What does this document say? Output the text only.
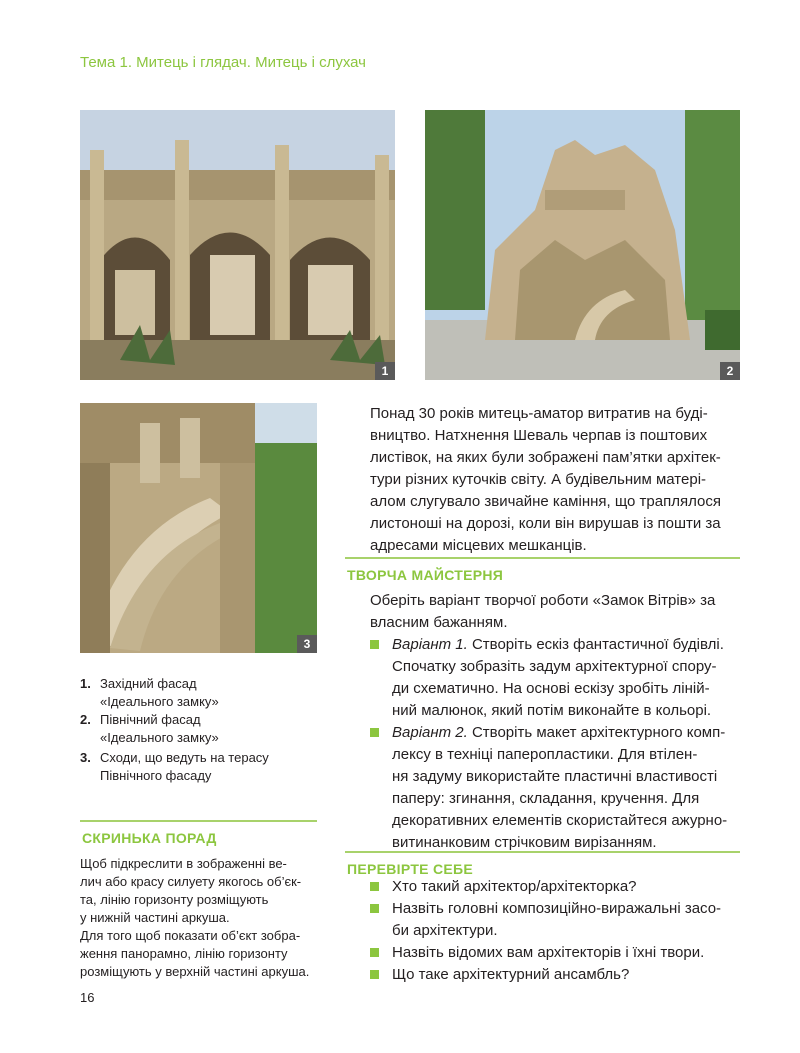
Тема 1. Митець і глядач. Митець і слухач
1	2
3
Понад 30 років митець-аматор витратив на буді-
вництво. Натхнення Шеваль черпав із поштових
листівок, на яких були зображені пам’ятки архітек-
тури різних куточків світу. А будівельним матері-
алом слугувало звичайне каміння, що траплялося
листоноші на дорозі, коли він вирушав із пошти за
адресами місцевих мешканців.
ТВОРЧА МАЙСТЕРНЯ
Оберіть варіант творчої роботи «Замок Вітрів» за
власним бажанням.
Варіант 1. Створіть ескіз фантастичної будівлі.
Спочатку зобразіть задум архітектурної спору-
ди схематично. На основі ескізу зробіть ліній-
ний малюнок, який потім виконайте в кольорі.
Варіант 2. Створіть макет архітектурного комп-
лексу в техніці паперопластики. Для втілен-
ня задуму використайте пластичні властивості
паперу: згинання, складання, кручення. Для
декоративних елементів скористайтеся ажурно-
витинанковим стрічковим вирізанням.
ПЕРЕВІРТЕ СЕБЕ
Хто такий архітектор/архітекторка?
Назвіть головні композиційно-виражальні засо-
би архітектури.
Назвіть відомих вам архітекторів і їхні твори.
Що таке архітектурний ансамбль?
1. Західний фасад
«Ідеального замку»
2. Північний фасад
«Ідеального замку»
3. Сходи, що ведуть на терасу
Північного фасаду
СКРИНЬКА ПОРАД
Щоб підкреслити в зображенні ве-
лич або красу силуету якогось об’єк-
та, лінію горизонту розміщують
у нижній частині аркуша.
Для того щоб показати об’єкт зобра-
ження панорамно, лінію горизонту
розміщують у верхній частині аркуша.
16
